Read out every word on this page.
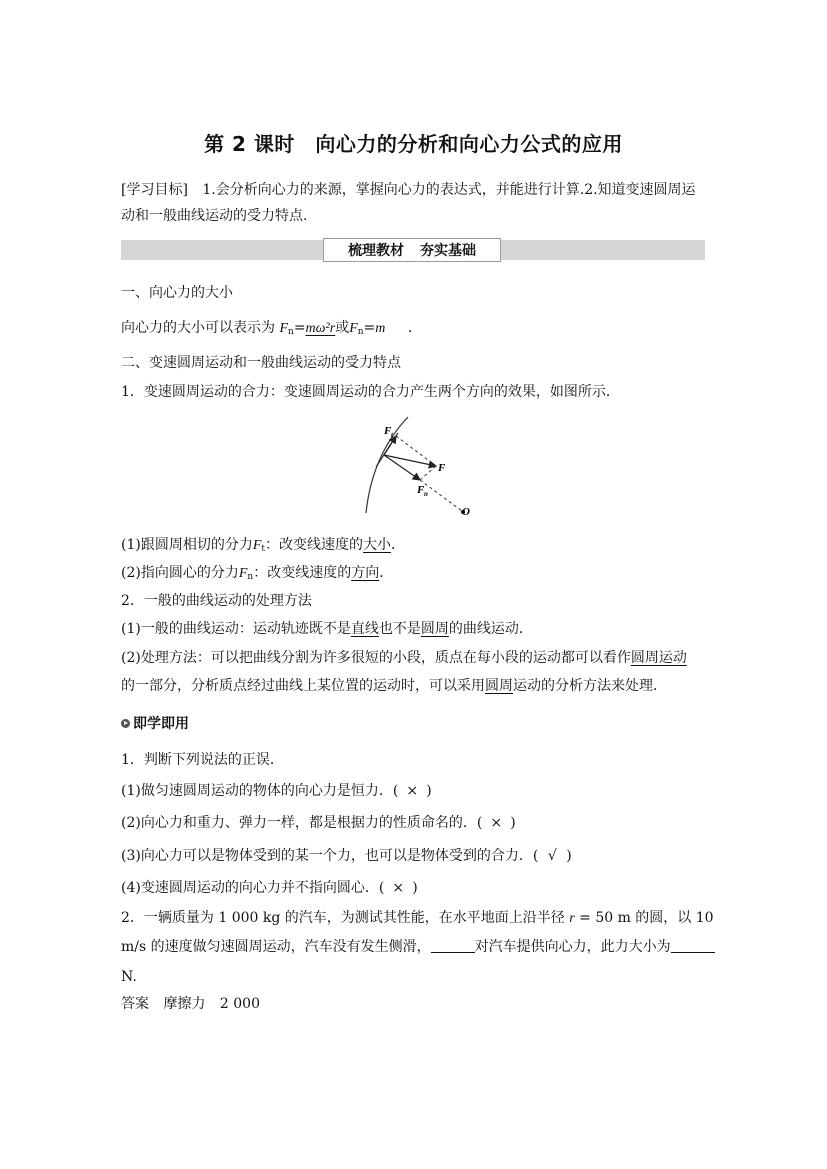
第 2 课时　向心力的分析和向心力公式的应用
[学习目标] 1.会分析向心力的来源，掌握向心力的表达式，并能进行计算.2.知道变速圆周运
动和一般曲线运动的受力特点.
梳理教材 夯实基础
一、向心力的大小
向心力的大小可以表示为 $F_n=m\omega^2r$或$F_n=m$ .
二、变速圆周运动和一般曲线运动的受力特点
1．变速圆周运动的合力：变速圆周运动的合力产生两个方向的效果，如图所示．
F t
F
F n
O
(1)跟圆周相切的分力$F_t$：改变线速度的大小．
(2)指向圆心的分力$F_n$：改变线速度的方向．
2．一般的曲线运动的处理方法
(1)一般的曲线运动：运动轨迹既不是直线也不是圆周的曲线运动．
(2)处理方法：可以把曲线分割为许多很短的小段，质点在每小段的运动都可以看作圆周运动
的一部分，分析质点经过曲线上某位置的运动时，可以采用圆周运动的分析方法来处理．
即学即用
1．判断下列说法的正误．
(1)做匀速圆周运动的物体的向心力是恒力．( × )
(2)向心力和重力、弹力一样，都是根据力的性质命名的．( × )
(3)向心力可以是物体受到的某一个力，也可以是物体受到的合力．( √ )
(4)变速圆周运动的向心力并不指向圆心．( × )
2．一辆质量为 1 000 kg 的汽车，为测试其性能，在水平地面上沿半径 r = 50 m 的圆，以 10
m/s 的速度做匀速圆周运动，汽车没有发生侧滑，	对汽车提供向心力，此力大小为
N.
答案 摩擦力 2 000
